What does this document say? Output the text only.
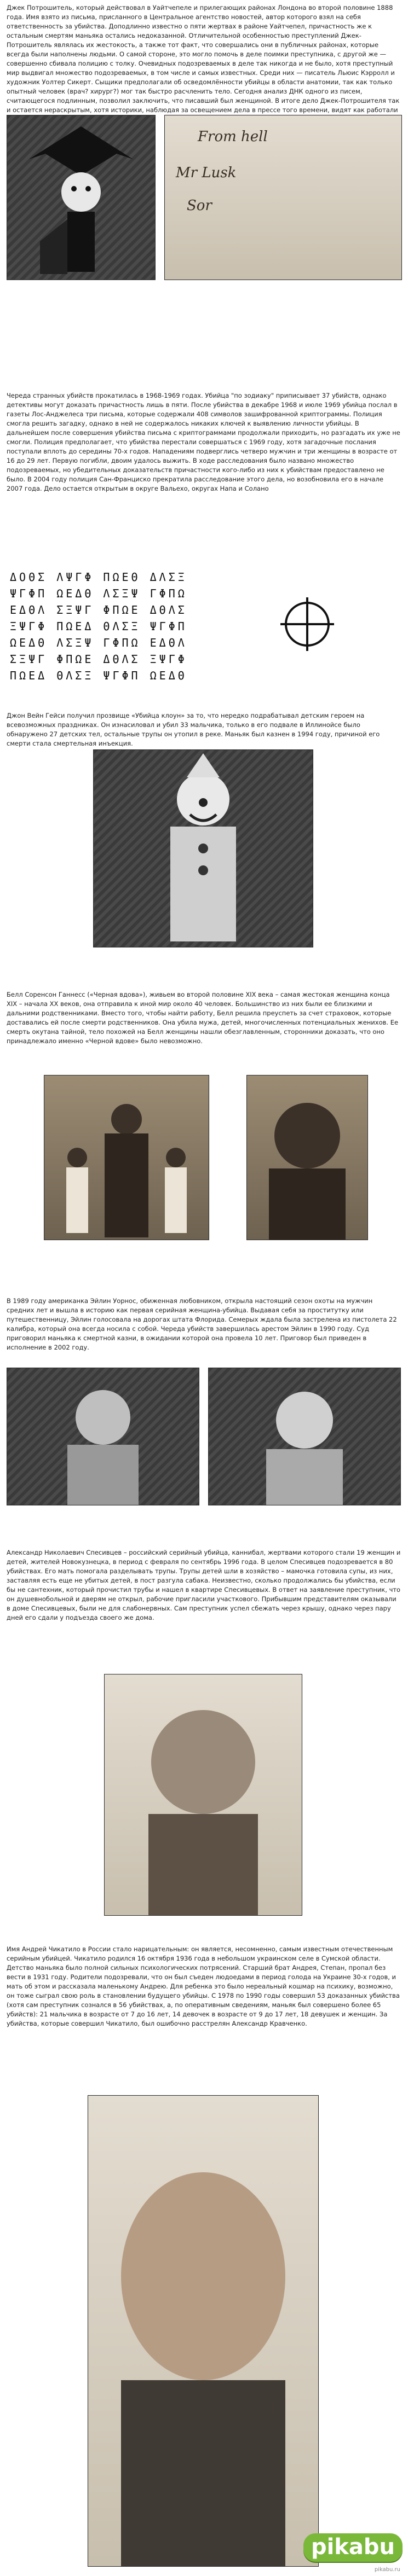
Джек Потрошитель, который действовал в Уайтчепеле и прилегающих районах Лондона во второй половине 1888 года. Имя взято из письма, присланного в Центральное агентство новостей, автор которого взял на себя ответственность за убийства. Доподлинно известно о пяти жертвах в районе Уайтчепел, причастность же к остальным смертям маньяка остались недоказанной. Отличительной особенностью преступлений Джек-Потрошитель являлась их жестокость, а также тот факт, что совершались они в публичных районах, которые всегда были наполнены людьми. О самой стороне, это могло помочь в деле поимки преступника, с другой же — совершенно сбивала полицию с толку. Очевидных подозреваемых в деле так никогда и не было, хотя преступный мир выдвигал множество подозреваемых, в том числе и самых известных. Среди них — писатель Льюис Кэрролл и художник Уолтер Сикерт. Сыщики предполагали об осведомлённости убийцы в области анатомии, так как только опытный человек (врач? хирург?) мог так быстро расчленить тело. Сегодня анализ ДНК одного из писем, считающегося подлинным, позволил заключить, что писавший был женщиной. В итоге дело Джек-Потрошителя так и остается нераскрытым, хотя историки, наблюдая за освещением дела в прессе того времени, видят как работали

From hell
Mr Lusk
Sor

Череда странных убийств прокатилась в 1968-1969 годах. Убийца "по зодиаку" приписывает 37 убийств, однако детективы могут доказать причастность лишь в пяти. После убийства в декабре 1968 и июле 1969 убийца послал в газеты Лос-Анджелеса три письма, которые содержали 408 символов зашифрованной криптограммы. Полиция смогла решить загадку, однако в ней не содержалось никаких ключей к выявлению личности убийцы. В дальнейшем после совершения убийства письма с криптограммами продолжали приходить, но разгадать их уже не смогли. Полиция предполагает, что убийства перестали совершаться с 1969 году, хотя загадочные послания поступали вплоть до середины 70-х годов. Нападениям подверглись четверо мужчин и три женщины в возрасте от 16 до 29 лет. Первую погибли, двоим удалось выжить. В ходе расследования было названо множество подозреваемых, но убедительных доказательств причастности кого-либо из них к убийствам предоставлено не было. В 2004 году полиция Сан-Франциско прекратила расследование этого дела, но возобновила его в начале 2007 года. Дело остается открытым в округе Вальехо, округах Напа и Солано

ΔΟΘΣ ΛΨΓΦ ΠΩΕΘ ΔΛΣΞ
ΨΓΦΠ ΩΕΔΘ ΛΣΞΨ ΓΦΠΩ
ΕΔΘΛ ΣΞΨΓ ΦΠΩΕ ΔΘΛΣ
ΞΨΓΦ ΠΩΕΔ ΘΛΣΞ ΨΓΦΠ
ΩΕΔΘ ΛΣΞΨ ΓΦΠΩ ΕΔΘΛ
ΣΞΨΓ ΦΠΩΕ ΔΘΛΣ ΞΨΓΦ
ΠΩΕΔ ΘΛΣΞ ΨΓΦΠ ΩΕΔΘ

Джон Вейн Гейси получил прозвище «Убийца клоун» за то, что нередко подрабатывал детским героем на всевозможных праздниках. Он изнасиловал и убил 33 мальчика, только в его подвале в Иллинойсе было обнаружено 27 детских тел, остальные трупы он утопил в реке. Маньяк был казнен в 1994 году, причиной его смерти стала смертельная инъекция.

Белл Соренсон Ганнесс («Черная вдова»), живьем во второй половине XIX века – самая жестокая женщина конца XIX – начала XX веков, она отправила к иной мир около 40 человек. Большинство из них были ее близкими и дальними родственниками. Вместо того, чтобы найти работу, Белл решила преуспеть за счет страховок, которые доставались ей после смерти родственников. Она убила мужа, детей, многочисленных потенциальных женихов. Ее смерть окутана тайной, тело похожей на Белл женщины нашли обезглавленным, сторонники доказать, что оно принадлежало именно «Черной вдове» было невозможно.

В 1989 году американка Эйлин Уорнос, обиженная любовником, открыла настоящий сезон охоты на мужчин средних лет и вышла в историю как первая серийная женщина-убийца. Выдавая себя за проститутку или путешественницу, Эйлин голосовала на дорогах штата Флорида. Семерых ждала была застрелена из пистолета 22 калибра, который она всегда носила с собой. Череда убийств завершилась арестом Эйлин в 1990 году. Суд приговорил маньяка к смертной казни, в ожидании которой она провела 10 лет. Приговор был приведен в исполнение в 2002 году.

Александр Николаевич Спесивцев – российский серийный убийца, каннибал, жертвами которого стали 19 женщин и детей, жителей Новокузнецка, в период с февраля по сентябрь 1996 года. В целом Спесивцев подозревается в 80 убийствах. Его мать помогала разделывать трупы. Трупы детей шли в хозяйство – мамочка готовила супы, из них, заставляя есть еще не убитых детей, в пост разгула сабака. Неизвестно, сколько продолжались бы убийства, если бы не сантехник, который прочистил трубы и нашел в квартире Спесивцевых. В ответ на заявление преступник, что он душевнобольной и дверям не открыл, рабочие пригласили участкового. Прибывшим представителям оказывали в доме Спесивцевых, были не для слабонервных. Сам преступник успел сбежать через крышу, однако через пару дней его сдали у подъезда своего же дома.

Имя Андрей Чикатило в России стало нарицательным: он является, несомненно, самым известным отечественным серийным убийцей. Чикатило родился 16 октября 1936 года в небольшом украинском селе в Сумской области. Детство маньяка было полной сильных психологических потрясений. Старший брат Андрея, Степан, пропал без вести в 1931 году. Родители подозревали, что он был съеден людоедами в период голода на Украине 30-х годов, и мать об этом и рассказала маленькому Андрею. Для ребенка это было нереальный кошмар на психику, возможно, он тоже сыграл свою роль в становлении будущего убийцы. С 1978 по 1990 годы совершил 53 доказанных убийства (хотя сам преступник сознался в 56 убийствах, а, по оперативным сведениям, маньяк был совершено более 65 убийств): 21 мальчика в возрасте от 7 до 16 лет, 14 девочек в возрасте от 9 до 17 лет, 18 девушек и женщин. За убийства, которые совершил Чикатило, был ошибочно расстрелян Александр Кравченко.

pikabu
pikabu.ru
